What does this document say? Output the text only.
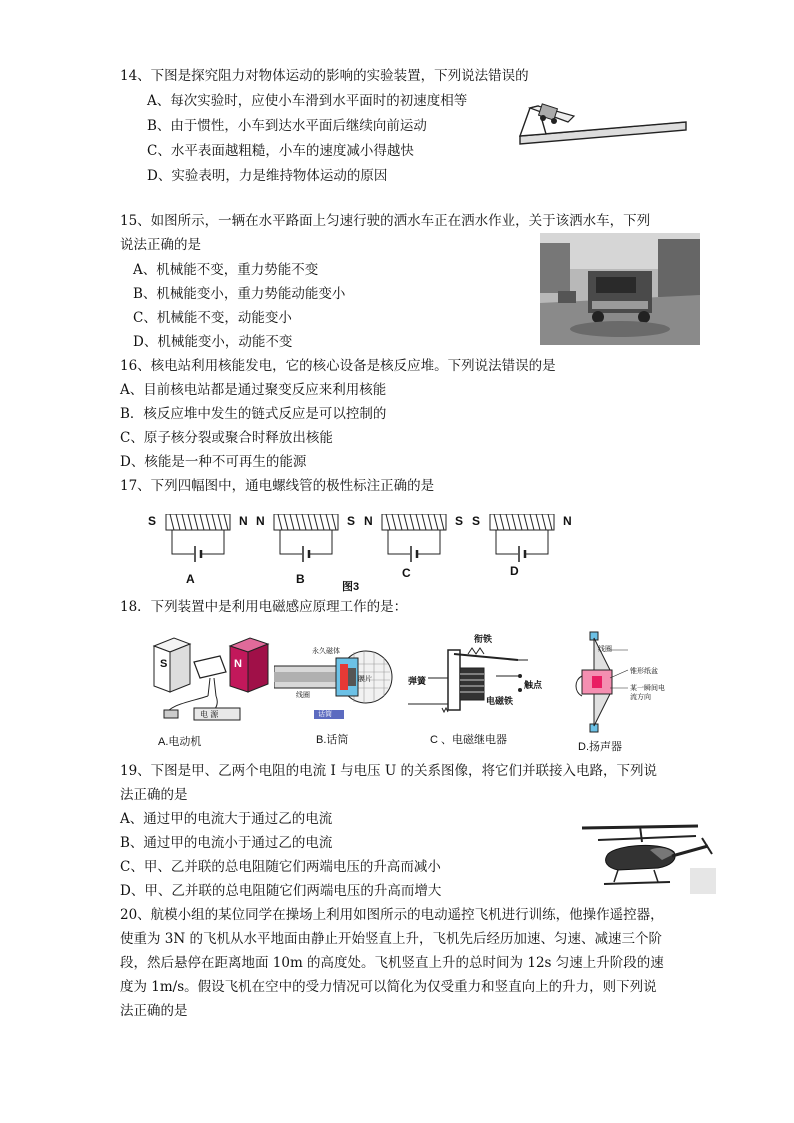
14、下图是探究阻力对物体运动的影响的实验装置，下列说法错误的
A、每次实验时，应使小车滑到水平面时的初速度相等
B、由于惯性，小车到达水平面后继续向前运动
C、水平表面越粗糙，小车的速度减小得越快
D、实验表明，力是维持物体运动的原因
15、如图所示，一辆在水平路面上匀速行驶的洒水车正在洒水作业，关于该洒水车，下列
说法正确的是
A、机械能不变，重力势能不变
B、机械能变小，重力势能动能变小
C、机械能不变，动能变小
D、机械能变小，动能不变
16、核电站利用核能发电，它的核心设备是核反应堆。下列说法错误的是
A、目前核电站都是通过聚变反应来利用核能
B．核反应堆中发生的链式反应是可以控制的
C、原子核分裂或聚合时释放出核能
D、核能是一种不可再生的能源
17、下列四幅图中，通电螺线管的极性标注正确的是
S	N
A
N	S
B
N	S
C
S	N
D
图3
18．下列装置中是利用电磁感应原理工作的是：
S	N
电 源
A.电动机
永久磁体
线圈
膜片
话筒
B.话筒
衔铁
弹簧
电磁铁
触点
C 、电磁继电器
线圈
锥形纸盆
某一瞬间电流方向
D.扬声器
19、下图是甲、乙两个电阻的电流 I 与电压 U 的关系图像，将它们并联接入电路，下列说
法正确的是
A、通过甲的电流大于通过乙的电流
B、通过甲的电流小于通过乙的电流
C、甲、乙并联的总电阻随它们两端电压的升高而减小
D、甲、乙并联的总电阻随它们两端电压的升高而增大
20、航模小组的某位同学在操场上利用如图所示的电动遥控飞机进行训练，他操作遥控器，
使重为 3N 的飞机从水平地面由静止开始竖直上升，飞机先后经历加速、匀速、减速三个阶
段，然后悬停在距离地面 10m 的高度处。飞机竖直上升的总时间为 12s 匀速上升阶段的速
度为 1m/s。假设飞机在空中的受力情况可以简化为仅受重力和竖直向上的升力，则下列说
法正确的是
